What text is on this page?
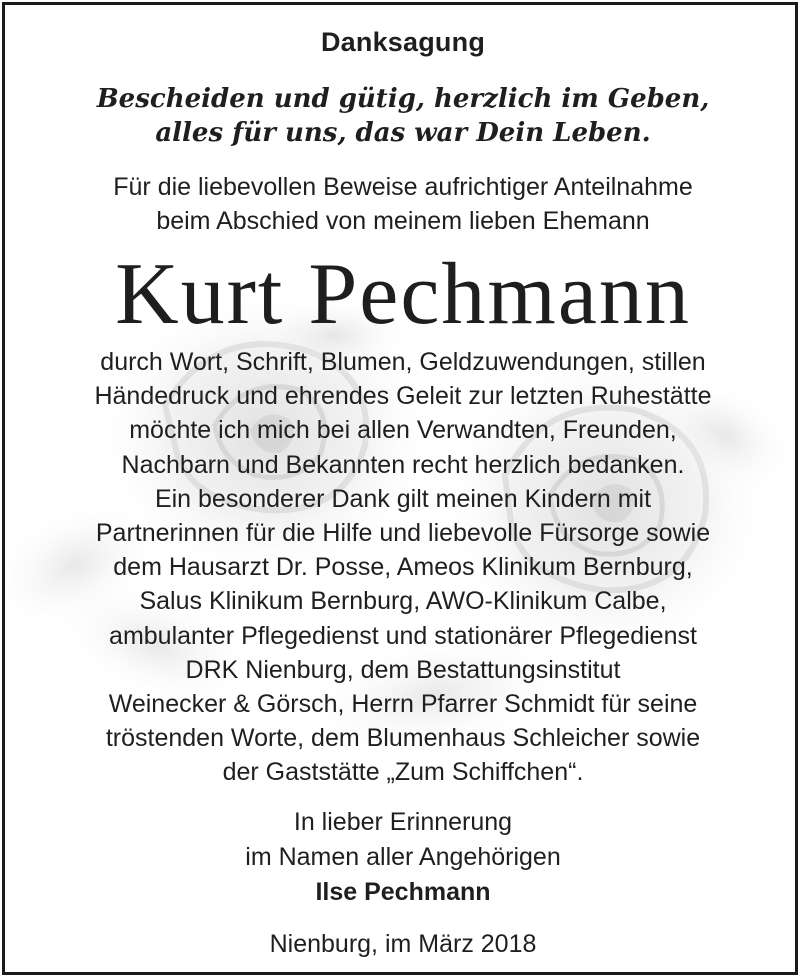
Danksagung
Bescheiden und gütig, herzlich im Geben,
alles für uns, das war Dein Leben.
Für die liebevollen Beweise aufrichtiger Anteilnahme
beim Abschied von meinem lieben Ehemann
Kurt Pechmann
durch Wort, Schrift, Blumen, Geldzuwendungen, stillen
Händedruck und ehrendes Geleit zur letzten Ruhestätte
möchte ich mich bei allen Verwandten, Freunden,
Nachbarn und Bekannten recht herzlich bedanken.
Ein besonderer Dank gilt meinen Kindern mit
Partnerinnen für die Hilfe und liebevolle Fürsorge sowie
dem Hausarzt Dr. Posse, Ameos Klinikum Bernburg,
Salus Klinikum Bernburg, AWO-Klinikum Calbe,
ambulanter Pflegedienst und stationärer Pflegedienst
DRK Nienburg, dem Bestattungsinstitut
Weinecker & Görsch, Herrn Pfarrer Schmidt für seine
tröstenden Worte, dem Blumenhaus Schleicher sowie
der Gaststätte „Zum Schiffchen“.
In lieber Erinnerung
im Namen aller Angehörigen
Ilse Pechmann
Nienburg, im März 2018
